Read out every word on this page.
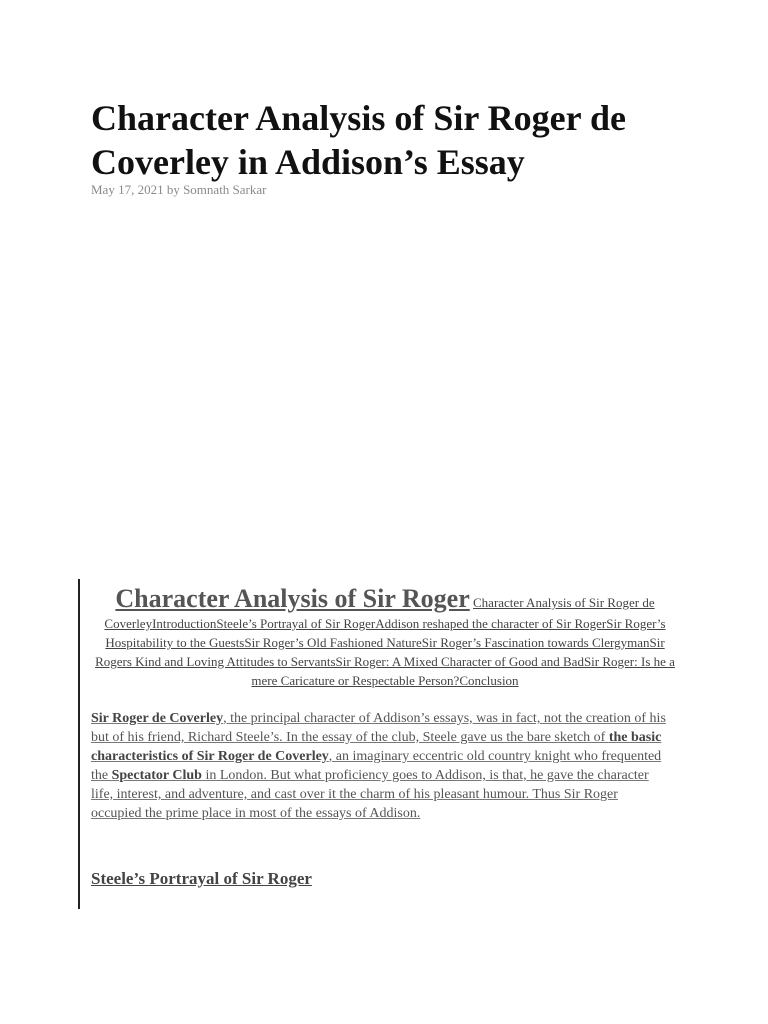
Character Analysis of Sir Roger de Coverley in Addison’s Essay
May 17, 2021 by Somnath Sarkar
Character Analysis of Sir Roger Character Analysis of Sir Roger de CoverleyIntroductionSteele’s Portrayal of Sir RogerAddison reshaped the character of Sir RogerSir Roger’s Hospitability to the GuestsSir Roger’s Old Fashioned NatureSir Roger’s Fascination towards ClergymanSir Rogers Kind and Loving Attitudes to ServantsSir Roger: A Mixed Character of Good and BadSir Roger: Is he a mere Caricature or Respectable Person?Conclusion

Sir Roger de Coverley, the principal character of Addison’s essays, was in fact, not the creation of his but of his friend, Richard Steele’s. In the essay of the club, Steele gave us the bare sketch of the basic characteristics of Sir Roger de Coverley, an imaginary eccentric old country knight who frequented the Spectator Club in London. But what proficiency goes to Addison, is that, he gave the character life, interest, and adventure, and cast over it the charm of his pleasant humour. Thus Sir Roger occupied the prime place in most of the essays of Addison.

Steele’s Portrayal of Sir Roger
